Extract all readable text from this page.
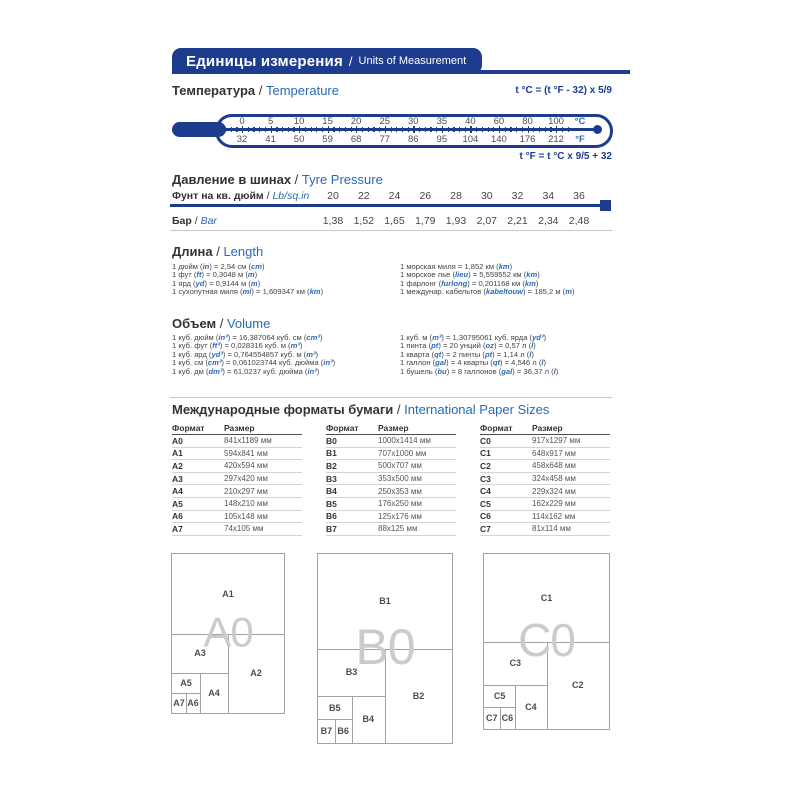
Единицы измерения / Units of Measurement
Температура / Temperature	t °C = (t °F - 32) x 5/9
0 5 10 15 20 25 30 35 40 60 80 100
32 41 50 59 68 77 86 95 104 140 176 212
°C
°F
t °F = t °C x 9/5 + 32
Давление в шинах / Tyre Pressure
Фунт на кв. дюйм / Lb/sq.in 20 22 24 26 28 30 32 34 36
Бар / Bar	1,38 1,52 1,65 1,79 1,93 2,07 2,21 2,34 2,48
Длина / Length
1 дюйм (in) = 2,54 см (cm)
1 фут (ft) = 0,3048 м (m)
1 ярд (yd) = 0,9144 м (m)
1 сухопутная миля (mi) = 1,609347 км (km)
1 морская миля = 1,852 км (km)
1 морское лье (lieu) = 5,559552 км (km)
1 фарлонг (furlong) = 0,201168 км (km)
1 междунар. кабельтов (kabeltouw) = 185,2 м (m)
Объем / Volume
1 куб. дюйм (in³) = 16,387064 куб. см (cm³)
1 куб. фут (ft³) = 0,028316 куб. м (m³)
1 куб. ярд (yd³) = 0,764554857 куб. м (m³)
1 куб. см (cm³) = 0,061023744 куб. дюйма (in³)
1 куб. дм (dm³) = 61,0237 куб. дюйма (in³)
1 куб. м (m³) = 1,30795061 куб. ярда (yd³)
1 пинта (pt) = 20 унций (oz) = 0,57 л (l)
1 кварта (qt) = 2 пинты (pt) = 1,14 л (l)
1 галлон (gal) = 4 кварты (qt) = 4,546 л (l)
1 бушель (bu) = 8 галлонов (gal) = 36,37 л (l)
Международные форматы бумаги / International Paper Sizes
Формат	Размер
A0	841x1189 мм
A1	594x841 мм
A2	420x594 мм
A3	297x420 мм
A4	210x297 мм
A5	148x210 мм
A6	105x148 мм
A7	74x105 мм
Формат	Размер
B0	1000x1414 мм
B1	707x1000 мм
B2	500x707 мм
B3	353x500 мм
B4	250x353 мм
B5	176x250 мм
B6	125x176 мм
B7	88x125 мм
Формат	Размер
C0	917x1297 мм
C1	648x917 мм
C2	458x648 мм
C3	324x458 мм
C4	229x324 мм
C5	162x229 мм
C6	114x162 мм
C7	81x114 мм
A0
A1
A2
A3
A4
A5
A6
A7
B0
B1
B2
B3
B4
B5
B6
B7
C0
C1
C2
C3
C4
C5
C6
C7
